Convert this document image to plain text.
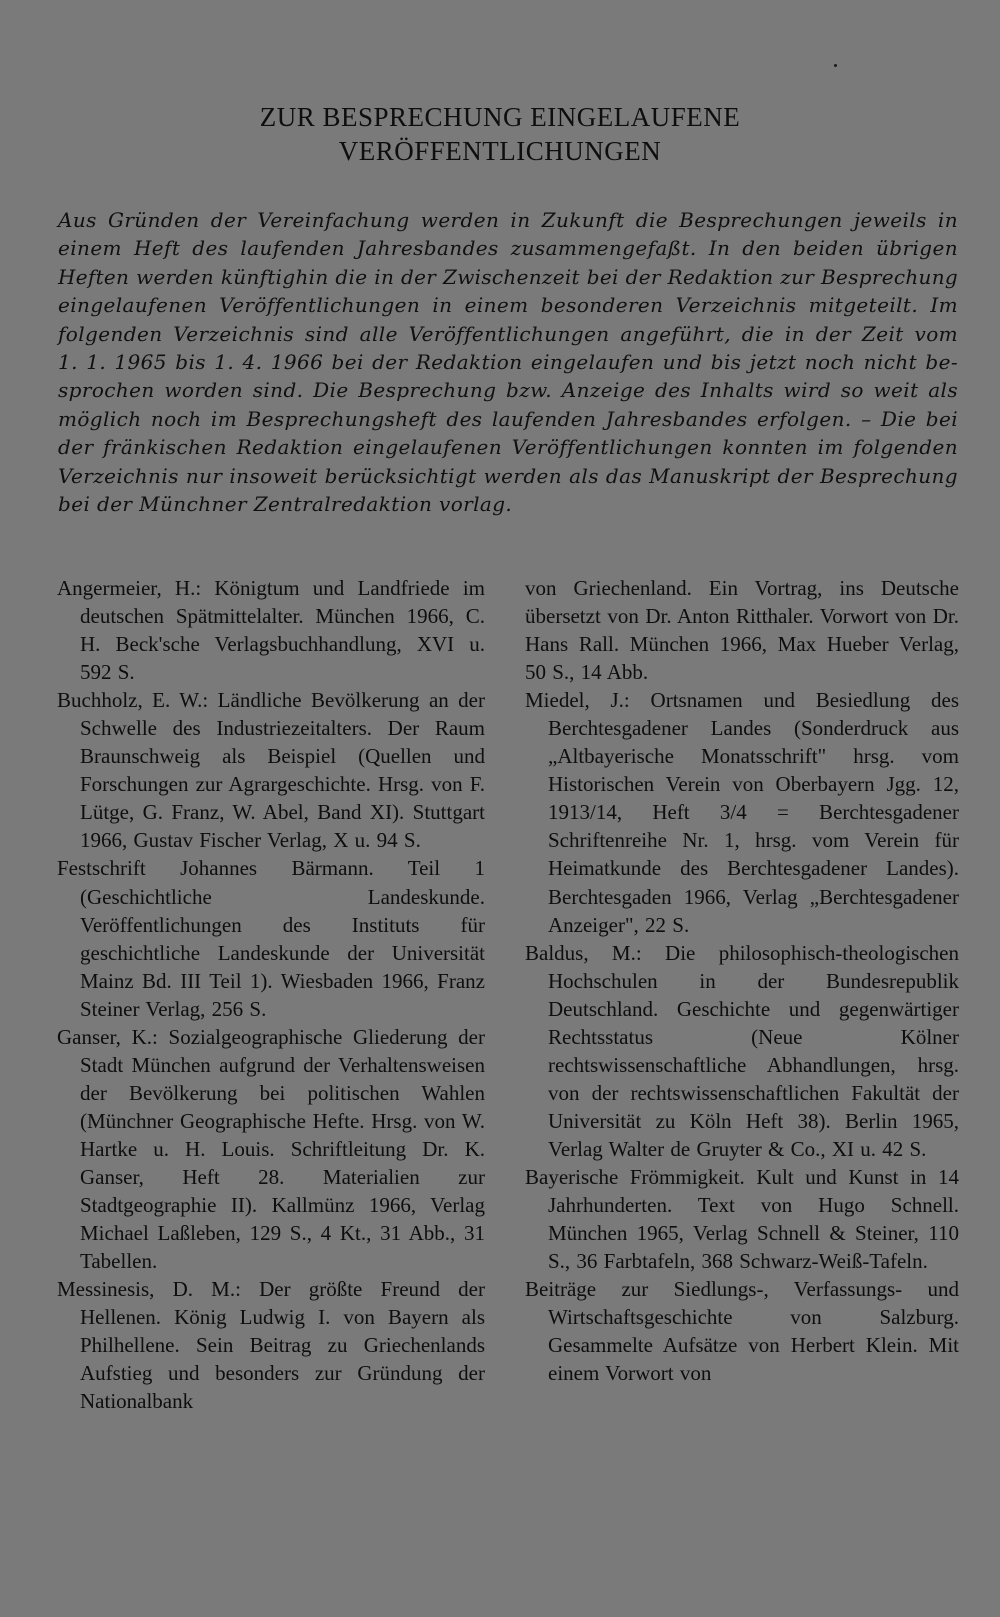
ZUR BESPRECHUNG EINGELAUFENE
VERÖFFENTLICHUNGEN
Aus Gründen der Vereinfachung werden in Zukunft die Besprechungen jeweils in
einem Heft des laufenden Jahresbandes zusammengefaßt. In den beiden übrigen
Heften werden künftighin die in der Zwischenzeit bei der Redaktion zur Besprechung
eingelaufenen Veröffentlichungen in einem besonderen Verzeichnis mitgeteilt. Im
folgenden Verzeichnis sind alle Veröffentlichungen angeführt, die in der Zeit vom
1. 1. 1965 bis 1. 4. 1966 bei der Redaktion eingelaufen und bis jetzt noch nicht be-
sprochen worden sind. Die Besprechung bzw. Anzeige des Inhalts wird so weit als
möglich noch im Besprechungsheft des laufenden Jahresbandes erfolgen. – Die bei
der fränkischen Redaktion eingelaufenen Veröffentlichungen konnten im folgenden
Verzeichnis nur insoweit berücksichtigt werden als das Manuskript der Besprechung
bei der Münchner Zentralredaktion vorlag.
Angermeier, H.: Königtum und Landfriede im deutschen Spätmittelalter. München 1966, C. H. Beck'sche Verlagsbuchhandlung, XVI u. 592 S.
Buchholz, E. W.: Ländliche Bevölkerung an der Schwelle des Industriezeitalters. Der Raum Braunschweig als Beispiel (Quellen und Forschungen zur Agrargeschichte. Hrsg. von F. Lütge, G. Franz, W. Abel, Band XI). Stuttgart 1966, Gustav Fischer Verlag, X u. 94 S.
Festschrift Johannes Bärmann. Teil 1 (Geschichtliche Landeskunde. Veröffentlichungen des Instituts für geschichtliche Landeskunde der Universität Mainz Bd. III Teil 1). Wiesbaden 1966, Franz Steiner Verlag, 256 S.
Ganser, K.: Sozialgeographische Gliederung der Stadt München aufgrund der Verhaltensweisen der Bevölkerung bei politischen Wahlen (Münchner Geographische Hefte. Hrsg. von W. Hartke u. H. Louis. Schriftleitung Dr. K. Ganser, Heft 28. Materialien zur Stadtgeographie II). Kallmünz 1966, Verlag Michael Laßleben, 129 S., 4 Kt., 31 Abb., 31 Tabellen.
Messinesis, D. M.: Der größte Freund der Hellenen. König Ludwig I. von Bayern als Philhellene. Sein Beitrag zu Griechenlands Aufstieg und besonders zur Gründung der Nationalbank
von Griechenland. Ein Vortrag, ins Deutsche übersetzt von Dr. Anton Ritthaler. Vorwort von Dr. Hans Rall. München 1966, Max Hueber Verlag, 50 S., 14 Abb.
Miedel, J.: Ortsnamen und Besiedlung des Berchtesgadener Landes (Sonderdruck aus „Altbayerische Monatsschrift" hrsg. vom Historischen Verein von Oberbayern Jgg. 12, 1913/14, Heft 3/4 = Berchtesgadener Schriftenreihe Nr. 1, hrsg. vom Verein für Heimatkunde des Berchtesgadener Landes). Berchtesgaden 1966, Verlag „Berchtesgadener Anzeiger", 22 S.
Baldus, M.: Die philosophisch-theologischen Hochschulen in der Bundesrepublik Deutschland. Geschichte und gegenwärtiger Rechtsstatus (Neue Kölner rechtswissenschaftliche Abhandlungen, hrsg. von der rechtswissenschaftlichen Fakultät der Universität zu Köln Heft 38). Berlin 1965, Verlag Walter de Gruyter & Co., XI u. 42 S.
Bayerische Frömmigkeit. Kult und Kunst in 14 Jahrhunderten. Text von Hugo Schnell. München 1965, Verlag Schnell & Steiner, 110 S., 36 Farbtafeln, 368 Schwarz-Weiß-Tafeln.
Beiträge zur Siedlungs-, Verfassungs- und Wirtschaftsgeschichte von Salzburg. Gesammelte Aufsätze von Herbert Klein. Mit einem Vorwort von
